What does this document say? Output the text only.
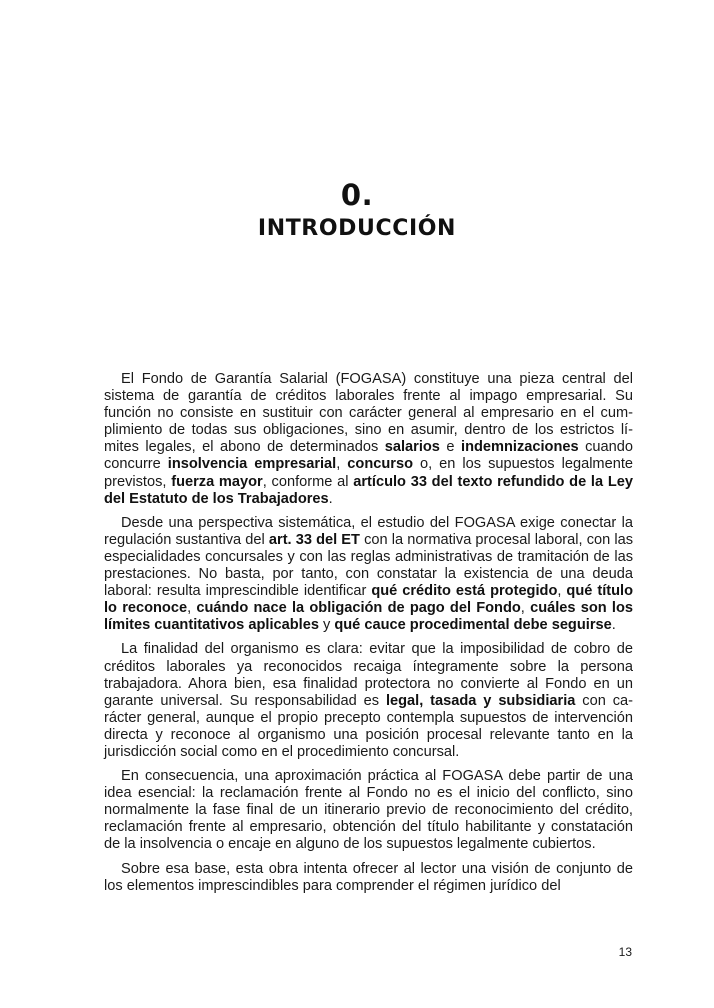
0.
INTRODUCCIÓN

El Fondo de Garantía Salarial (FOGASA) constituye una pieza central del sistema de garantía de créditos laborales frente al impago empresarial. Su función no consiste en sustituir con carácter general al empresario en el cumplimiento de todas sus obligaciones, sino en asumir, dentro de los estrictos límites legales, el abono de determinados salarios e indemnizaciones cuando concurre insolvencia empresarial, concurso o, en los supuestos legalmente previstos, fuerza mayor, conforme al artículo 33 del texto refundido de la Ley del Estatuto de los Trabajadores.

Desde una perspectiva sistemática, el estudio del FOGASA exige conectar la regulación sustantiva del art. 33 del ET con la normativa procesal laboral, con las especialidades concursales y con las reglas administrativas de tramitación de las prestaciones. No basta, por tanto, con constatar la existencia de una deuda laboral: resulta imprescindible identificar qué crédito está protegido, qué título lo reconoce, cuándo nace la obligación de pago del Fondo, cuáles son los límites cuantitativos aplicables y qué cauce procedimental debe seguirse.

La finalidad del organismo es clara: evitar que la imposibilidad de cobro de créditos laborales ya reconocidos recaiga íntegramente sobre la persona trabajadora. Ahora bien, esa finalidad protectora no convierte al Fondo en un garante universal. Su responsabilidad es legal, tasada y subsidiaria con carácter general, aunque el propio precepto contempla supuestos de intervención directa y reconoce al organismo una posición procesal relevante tanto en la jurisdicción social como en el procedimiento concursal.

En consecuencia, una aproximación práctica al FOGASA debe partir de una idea esencial: la reclamación frente al Fondo no es el inicio del conflicto, sino normalmente la fase final de un itinerario previo de reconocimiento del crédito, reclamación frente al empresario, obtención del título habilitante y constatación de la insolvencia o encaje en alguno de los supuestos legalmente cubiertos.

Sobre esa base, esta obra intenta ofrecer al lector una visión de conjunto de los elementos imprescindibles para comprender el régimen jurídico del

13
